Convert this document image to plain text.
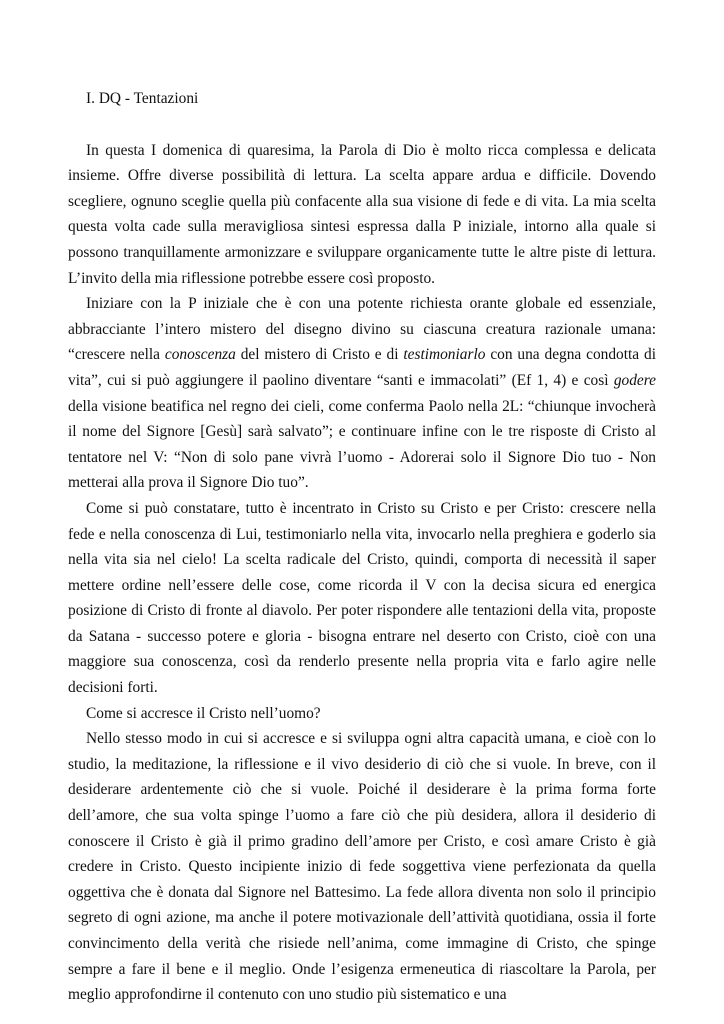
I. DQ - Tentazioni

In questa I domenica di quaresima, la Parola di Dio è molto ricca complessa e delicata insieme. Offre diverse possibilità di lettura. La scelta appare ardua e difficile. Dovendo scegliere, ognuno sceglie quella più confacente alla sua visione di fede e di vita. La mia scelta questa volta cade sulla meravigliosa sintesi espressa dalla P iniziale, intorno alla quale si possono tranquillamente armonizzare e sviluppare organicamente tutte le altre piste di lettura. L’invito della mia riflessione potrebbe essere così proposto.

Iniziare con la P iniziale che è con una potente richiesta orante globale ed essenziale, abbracciante l’intero mistero del disegno divino su ciascuna creatura razionale umana: “crescere nella conoscenza del mistero di Cristo e di testimoniarlo con una degna condotta di vita”, cui si può aggiungere il paolino diventare “santi e immacolati” (Ef 1, 4) e così godere della visione beatifica nel regno dei cieli, come conferma Paolo nella 2L: “chiunque invocherà il nome del Signore [Gesù] sarà salvato”; e continuare infine con le tre risposte di Cristo al tentatore nel V: “Non di solo pane vivrà l’uomo - Adorerai solo il Signore Dio tuo - Non metterai alla prova il Signore Dio tuo”.

Come si può constatare, tutto è incentrato in Cristo su Cristo e per Cristo: crescere nella fede e nella conoscenza di Lui, testimoniarlo nella vita, invocarlo nella preghiera e goderlo sia nella vita sia nel cielo! La scelta radicale del Cristo, quindi, comporta di necessità il saper mettere ordine nell’essere delle cose, come ricorda il V con la decisa sicura ed energica posizione di Cristo di fronte al diavolo. Per poter rispondere alle tentazioni della vita, proposte da Satana - successo potere e gloria - bisogna entrare nel deserto con Cristo, cioè con una maggiore sua conoscenza, così da renderlo presente nella propria vita e farlo agire nelle decisioni forti.

Come si accresce il Cristo nell’uomo?

Nello stesso modo in cui si accresce e si sviluppa ogni altra capacità umana, e cioè con lo studio, la meditazione, la riflessione e il vivo desiderio di ciò che si vuole. In breve, con il desiderare ardentemente ciò che si vuole. Poiché il desiderare è la prima forma forte dell’amore, che sua volta spinge l’uomo a fare ciò che più desidera, allora il desiderio di conoscere il Cristo è già il primo gradino dell’amore per Cristo, e così amare Cristo è già credere in Cristo. Questo incipiente inizio di fede soggettiva viene perfezionata da quella oggettiva che è donata dal Signore nel Battesimo. La fede allora diventa non solo il principio segreto di ogni azione, ma anche il potere motivazionale dell’attività quotidiana, ossia il forte convincimento della verità che risiede nell’anima, come immagine di Cristo, che spinge sempre a fare il bene e il meglio. Onde l’esigenza ermeneutica di riascoltare la Parola, per meglio approfondirne il contenuto con uno studio più sistematico e una
